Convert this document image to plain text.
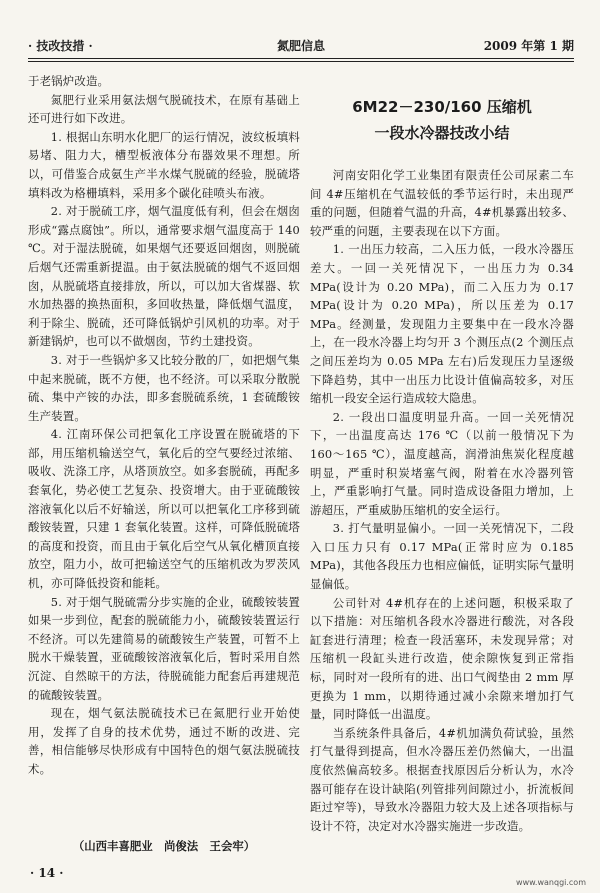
· 技改技措 ·	氮肥信息	2009 年第 1 期

于老锅炉改造。

氮肥行业采用氨法烟气脱硫技术，在原有基础上还可进行如下改进。

1. 根据山东明水化肥厂的运行情况，波纹板填料易堵、阻力大，槽型板液体分布器效果不理想。所以，可借鉴合成氨生产半水煤气脱硫的经验，脱硫塔填料改为格栅填料，采用多个碳化硅喷头布液。

2. 对于脱硫工序，烟气温度低有利，但会在烟囱形成“露点腐蚀”。所以，通常要求烟气温度高于 140 ℃。对于湿法脱硫，如果烟气还要返回烟囱，则脱硫后烟气还需重新提温。由于氨法脱硫的烟气不返回烟囱，从脱硫塔直接排放，所以，可以加大省煤器、软水加热器的换热面积，多回收热量，降低烟气温度，利于除尘、脱硫，还可降低锅炉引风机的功率。对于新建锅炉，也可以不做烟囱，节约土建投资。

3. 对于一些锅炉多又比较分散的厂，如把烟气集中起来脱硫，既不方便，也不经济。可以采取分散脱硫、集中产铵的办法，即多套脱硫系统，1 套硫酸铵生产装置。

4. 江南环保公司把氧化工序设置在脱硫塔的下部，用压缩机输送空气，氧化后的空气要经过浓缩、吸收、洗涤工序，从塔顶放空。如多套脱硫，再配多套氧化，势必使工艺复杂、投资增大。由于亚硫酸铵溶液氧化以后不好输送，所以可以把氧化工序移到硫酸铵装置，只建 1 套氧化装置。这样，可降低脱硫塔的高度和投资，而且由于氧化后空气从氧化槽顶直接放空，阻力小，故可把输送空气的压缩机改为罗茨风机，亦可降低投资和能耗。

5. 对于烟气脱硫需分步实施的企业，硫酸铵装置如果一步到位，配套的脱硫能力小，硫酸铵装置运行不经济。可以先建简易的硫酸铵生产装置，可暂不上脱水干燥装置，亚硫酸铵溶液氧化后，暂时采用自然沉淀、自然晾干的方法，待脱硫能力配套后再建规范的硫酸铵装置。

现在，烟气氨法脱硫技术已在氮肥行业开始使用，发挥了自身的技术优势，通过不断的改进、完善，相信能够尽快形成有中国特色的烟气氨法脱硫技术。

（山西丰喜肥业　尚俊法　王会牢）
6M22－230/160 压缩机
一段水冷器技改小结

河南安阳化学工业集团有限责任公司尿素二车间 4#压缩机在气温较低的季节运行时，未出现严重的问题，但随着气温的升高，4#机暴露出较多、较严重的问题，主要表现在以下方面。

1. 一出压力较高，二入压力低，一段水冷器压差大。一回一关死情况下，一出压力为 0.34 MPa(设计为 0.20 MPa)，而二入压力为 0.17 MPa(设计为 0.20 MPa)，所以压差为 0.17 MPa。经测量，发现阻力主要集中在一段水冷器上，在一段水冷器上均匀开 3 个测压点(2 个测压点之间压差均为 0.05 MPa 左右)后发现压力呈逐级下降趋势，其中一出压力比设计值偏高较多，对压缩机一段安全运行造成较大隐患。

2. 一段出口温度明显升高。一回一关死情况下，一出温度高达 176 ℃（以前一般情况下为 160～165 ℃），温度越高，润滑油焦炭化程度越明显，严重时积炭堵塞气阀，附着在水冷器列管上，严重影响打气量。同时造成设备阻力增加，上游超压，严重威胁压缩机的安全运行。

3. 打气量明显偏小。一回一关死情况下，二段入口压力只有 0.17 MPa(正常时应为 0.185 MPa)，其他各段压力也相应偏低，证明实际气量明显偏低。

公司针对 4#机存在的上述问题，积极采取了以下措施：对压缩机各段水冷器进行酸洗，对各段缸套进行清理；检查一段活塞环，未发现异常；对压缩机一段缸头进行改造，使余隙恢复到正常指标，同时对一段所有的进、出口气阀垫由 2 mm 厚更换为 1 mm，以期待通过减小余隙来增加打气量，同时降低一出温度。

当系统条件具备后，4#机加满负荷试验，虽然打气量得到提高，但水冷器压差仍然偏大，一出温度依然偏高较多。根据查找原因后分析认为，水冷器可能存在设计缺陷(列管排列间隙过小，折流板间距过窄等)，导致水冷器阻力较大及上述各项指标与设计不符，决定对水冷器实施进一步改造。

· 14 ·
www.wanqgi.com
